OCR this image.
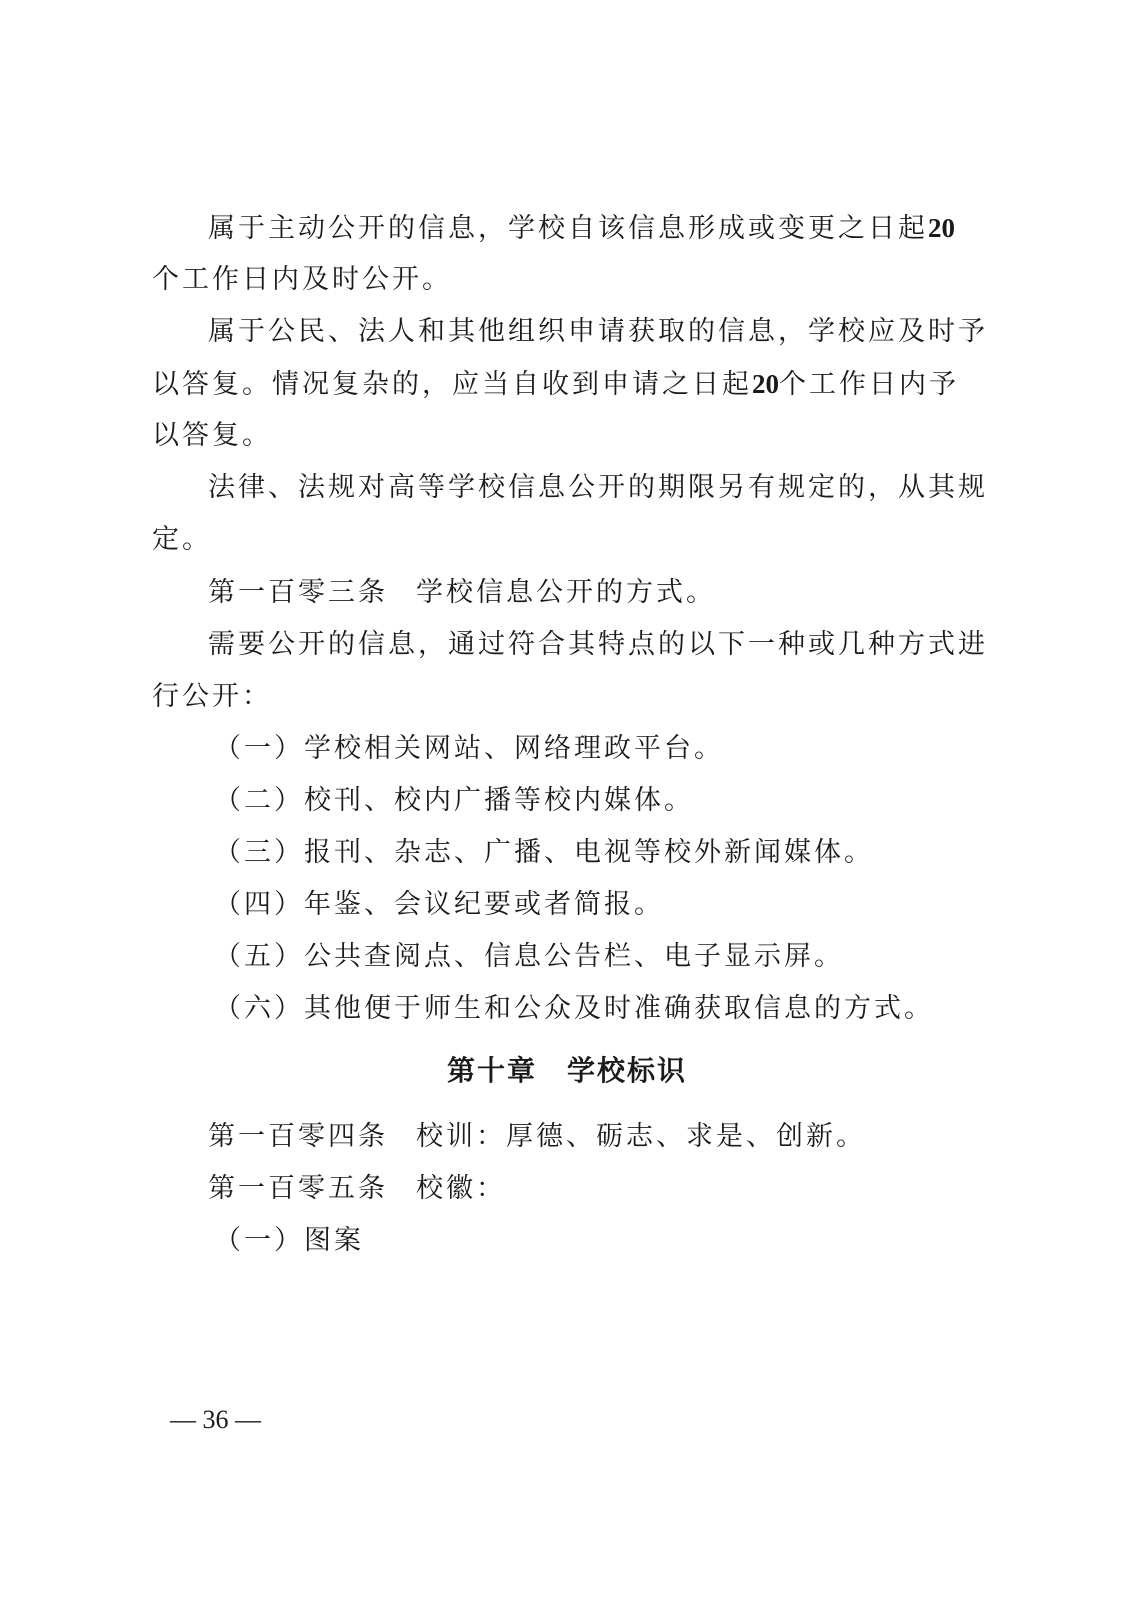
属于主动公开的信息，学校自该信息形成或变更之日起20
个工作日内及时公开。
属于公民、法人和其他组织申请获取的信息，学校应及时予
以答复。情况复杂的，应当自收到申请之日起20个工作日内予
以答复。
法律、法规对高等学校信息公开的期限另有规定的，从其规
定。
第一百零三条 学校信息公开的方式。
需要公开的信息，通过符合其特点的以下一种或几种方式进
行公开：
（一）学校相关网站、网络理政平台。
（二）校刊、校内广播等校内媒体。
（三）报刊、杂志、广播、电视等校外新闻媒体。
（四）年鉴、会议纪要或者简报。
（五）公共查阅点、信息公告栏、电子显示屏。
（六）其他便于师生和公众及时准确获取信息的方式。
第十章　学校标识
第一百零四条 校训：厚德、砺志、求是、创新。
第一百零五条 校徽：
（一）图案
— 36 —
